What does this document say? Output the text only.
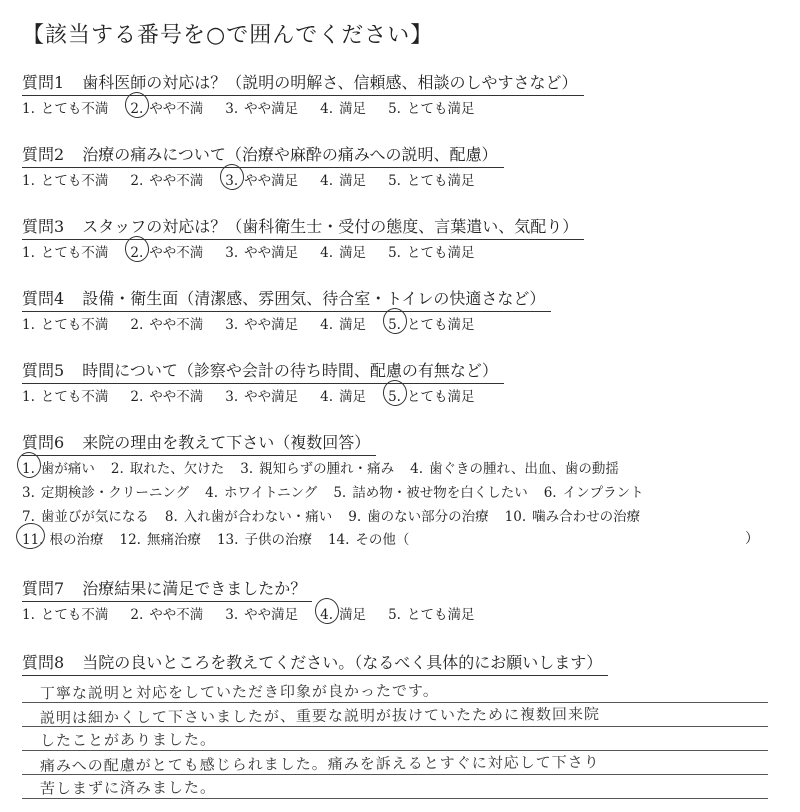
【該当する番号を○で囲んでください】
質問1 歯科医師の対応は？（説明の明解さ、信頼感、相談のしやすさなど）
1. とても不満 2. やや不満 3. やや満足 4. 満足 5. とても満足
質問2 治療の痛みについて（治療や麻酔の痛みへの説明、配慮）
1. とても不満 2. やや不満 3. やや満足 4. 満足 5. とても満足
質問3 スタッフの対応は？（歯科衛生士・受付の態度、言葉遣い、気配り）
1. とても不満 2. やや不満 3. やや満足 4. 満足 5. とても満足
質問4 設備・衛生面（清潔感、雰囲気、待合室・トイレの快適さなど）
1. とても不満 2. やや不満 3. やや満足 4. 満足 5. とても満足
質問5 時間について（診察や会計の待ち時間、配慮の有無など）
1. とても不満 2. やや不満 3. やや満足 4. 満足 5. とても満足
質問6 来院の理由を教えて下さい（複数回答）
1. 歯が痛い 2. 取れた、欠けた 3. 親知らずの腫れ・痛み 4. 歯ぐきの腫れ、出血、歯の動揺
3. 定期検診・クリーニング 4. ホワイトニング 5. 詰め物・被せ物を白くしたい 6. インプラント
7. 歯並びが気になる 8. 入れ歯が合わない・痛い 9. 歯のない部分の治療 10. 噛み合わせの治療
11. 根の治療 12. 無痛治療 13. 子供の治療 14. その他（	）
質問7 治療結果に満足できましたか？
1. とても不満 2. やや不満 3. やや満足 4. 満足 5. とても満足
質問8 当院の良いところを教えてください。（なるべく具体的にお願いします）
丁寧な説明と対応をしていただき印象が良かったです。
説明は細かくして下さいましたが、重要な説明が抜けていたために複数回来院
したことがありました。
痛みへの配慮がとても感じられました。痛みを訴えるとすぐに対応して下さり
苦しまずに済みました。
